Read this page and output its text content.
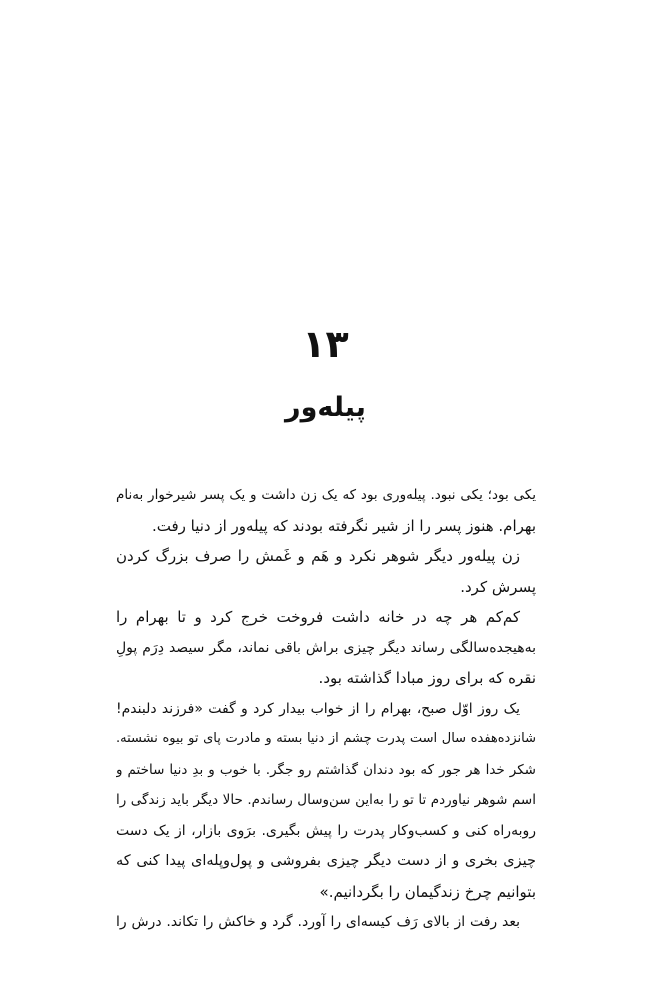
۱۳
پیله‌ور
یکی بود؛ یکی نبود. پیله‌وری بود که یک زن داشت و یک پسر شیرخوار به‌نام
بهرام. هنوز پسر را از شیر نگرفته بودند که پیله‌ور از دنیا رفت.
زن پیله‌ور دیگر شوهر نکرد و هَم و غَمش را صرف بزرگ کردن
پسرش کرد.
کم‌کم هر چه در خانه داشت فروخت خرج کرد و تا بهرام را
به‌هیجده‌سالگی رساند دیگر چیزی براش باقی نماند، مگر سیصد دِرَم پولِ
نقره که برای روز مبادا گذاشته بود.
یک روز اوّل صبح، بهرام را از خواب بیدار کرد و گفت «فرزند دلبندم!
شانزده‌هفده سال است پدرت چشم از دنیا بسته و مادرت پای تو بیوه نشسته.
شکر خدا هر جور که بود دندان گذاشتم رو جگر. با خوب و بدِ دنیا ساختم و
اسم شوهر نیاوردم تا تو را به‌این سن‌وسال رساندم. حالا دیگر باید زندگی را
روبه‌راه کنی و کسب‌وکار پدرت را پیش بگیری. برَوی بازار، از یک دست
چیزی بخری و از دست دیگر چیزی بفروشی و پول‌وپله‌ای پیدا کنی که
بتوانیم چرخ زندگیمان را بگردانیم.»
بعد رفت از بالای رَف کیسه‌ای را آورد. گرد و خاکش را تکاند. درش را
